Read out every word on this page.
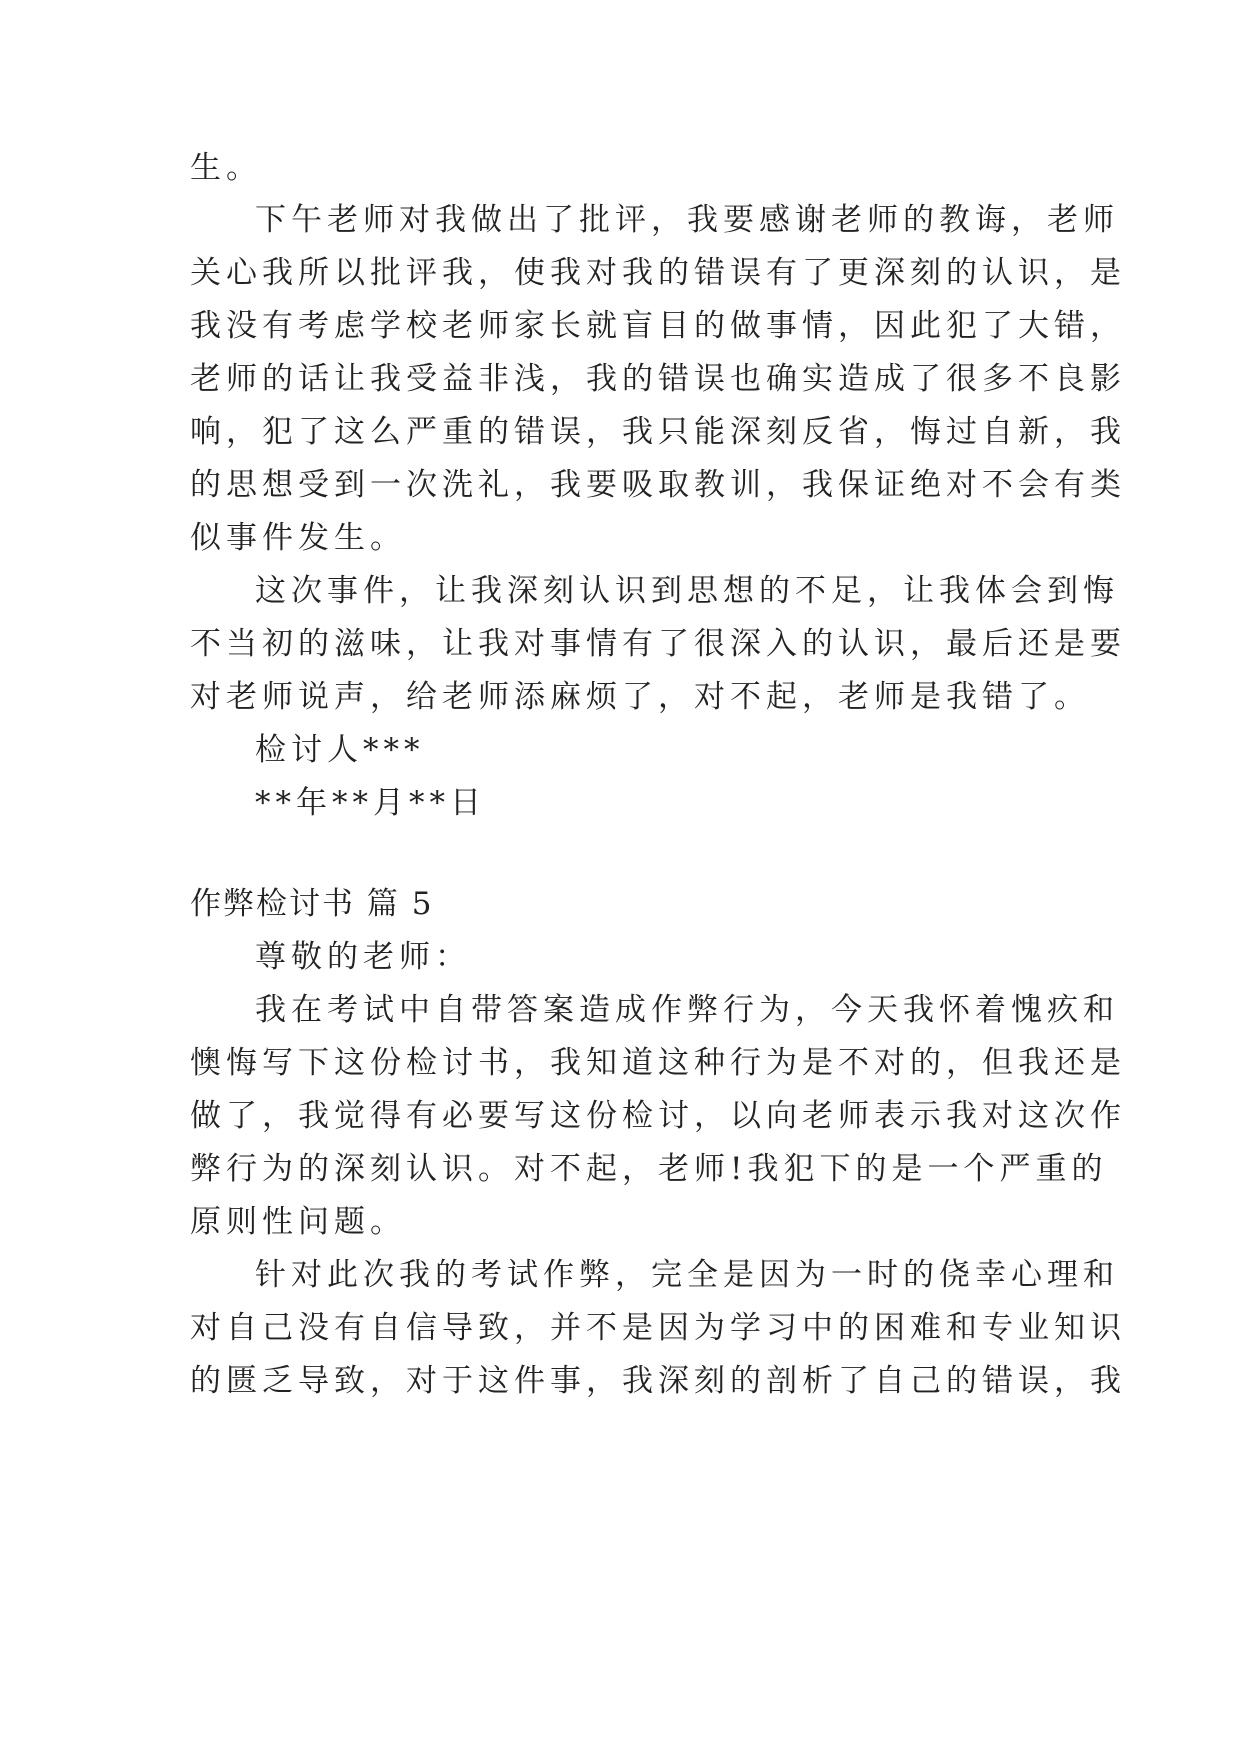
生。
下午老师对我做出了批评，我要感谢老师的教诲，老师
关心我所以批评我，使我对我的错误有了更深刻的认识，是
我没有考虑学校老师家长就盲目的做事情，因此犯了大错，
老师的话让我受益非浅，我的错误也确实造成了很多不良影
响，犯了这么严重的错误，我只能深刻反省，悔过自新，我
的思想受到一次洗礼，我要吸取教训，我保证绝对不会有类
似事件发生。
这次事件，让我深刻认识到思想的不足，让我体会到悔
不当初的滋味，让我对事情有了很深入的认识，最后还是要
对老师说声，给老师添麻烦了，对不起，老师是我错了。
检讨人***
**年**月**日
作弊检讨书 篇 5
尊敬的老师：
我在考试中自带答案造成作弊行为，今天我怀着愧疚和
懊悔写下这份检讨书，我知道这种行为是不对的，但我还是
做了，我觉得有必要写这份检讨，以向老师表示我对这次作
弊行为的深刻认识。对不起，老师!我犯下的是一个严重的
原则性问题。
针对此次我的考试作弊，完全是因为一时的侥幸心理和
对自己没有自信导致，并不是因为学习中的困难和专业知识
的匮乏导致，对于这件事，我深刻的剖析了自己的错误，我
